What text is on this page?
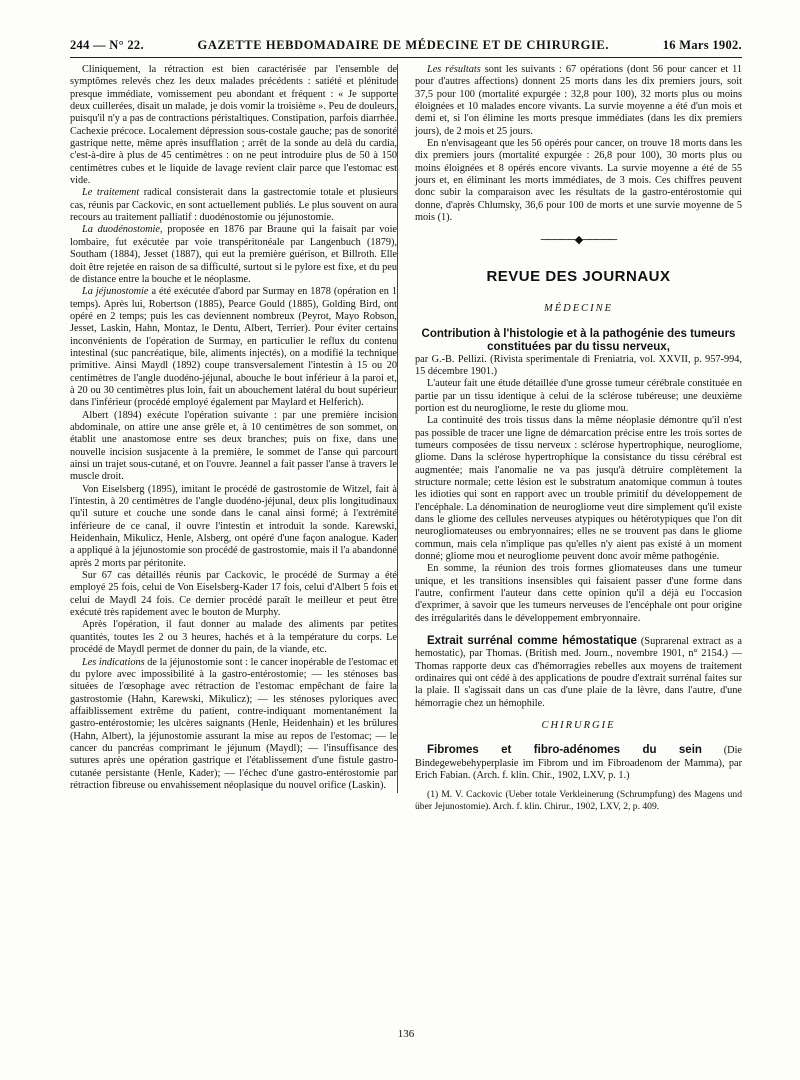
244 — N° 22.	GAZETTE HEBDOMADAIRE DE MÉDECINE ET DE CHIRURGIE.	16 Mars 1902.

Cliniquement, la rétraction est bien caractérisée par l'ensemble de symptômes relevés chez les deux malades précédents : satiété et plénitude presque immédiate, vomissement peu abondant et fréquent : « Je supporte deux cuillerées, disait un malade, je dois vomir la troisième ». Peu de douleurs, puisqu'il n'y a pas de contractions péristaltiques. Constipation, parfois diarrhée. Cachexie précoce. Localement dépression sous-costale gauche; pas de sonorité gastrique nette, même après insufflation ; arrêt de la sonde au delà du cardia, c'est-à-dire à plus de 45 centimètres : on ne peut introduire plus de 50 à 150 centimètres cubes et le liquide de lavage revient clair parce que l'estomac est vide.

Le traitement radical consisterait dans la gastrectomie totale et plusieurs cas, réunis par Cackovic, en sont actuellement publiés. Le plus souvent on aura recours au traitement palliatif : duodénostomie ou jéjunostomie.

La duodénostomie, proposée en 1876 par Braune qui la faisait par voie lombaire, fut exécutée par voie transpéritonéale par Langenbuch (1879), Southam (1884), Jesset (1887), qui eut la première guérison, et Billroth. Elle doit être rejetée en raison de sa difficulté, surtout si le pylore est fixe, et du peu de distance entre la bouche et le néoplasme.

La jéjunostomie a été exécutée d'abord par Surmay en 1878 (opération en 1 temps). Après lui, Robertson (1885), Pearce Gould (1885), Golding Bird, ont opéré en 2 temps; puis les cas deviennent nombreux (Peyrot, Mayo Robson, Jesset, Laskin, Hahn, Montaz, le Dentu, Albert, Terrier). Pour éviter certains inconvénients de l'opération de Surmay, en particulier le reflux du contenu intestinal (suc pancréatique, bile, aliments injectés), on a modifié la technique primitive. Ainsi Maydl (1892) coupe transversalement l'intestin à 15 ou 20 centimètres de l'angle duodéno-jéjunal, abouche le bout inférieur à la paroi et, à 20 ou 30 centimètres plus loin, fait un abouchement latéral du bout supérieur dans l'inférieur (procédé employé également par Maylard et Helferich).

Albert (1894) exécute l'opération suivante : par une première incision abdominale, on attire une anse grêle et, à 10 centimètres de son sommet, on établit une anastomose entre ses deux branches; puis on fixe, dans une nouvelle incision susjacente à la première, le sommet de l'anse qui parcourt ainsi un trajet sous-cutané, et on l'ouvre. Jeannel a fait passer l'anse à travers le muscle droit.

Von Eiselsberg (1895), imitant le procédé de gastrostomie de Witzel, fait à l'intestin, à 20 centimètres de l'angle duodéno-jéjunal, deux plis longitudinaux qu'il suture et couche une sonde dans le canal ainsi formé; à l'extrémité inférieure de ce canal, il ouvre l'intestin et introduit la sonde. Karewski, Heidenhain, Mikulicz, Henle, Alsberg, ont opéré d'une façon analogue. Kader a appliqué à la jéjunostomie son procédé de gastrostomie, mais il l'a abandonné après 2 morts par péritonite.

Sur 67 cas détaillés réunis par Cackovic, le procédé de Surmay a été employé 25 fois, celui de Von Eiselsberg-Kader 17 fois, celui d'Albert 5 fois et celui de Maydl 24 fois. Ce dernier procédé paraît le meilleur et peut être exécuté très rapidement avec le bouton de Murphy.

Après l'opération, il faut donner au malade des aliments par petites quantités, toutes les 2 ou 3 heures, hachés et à la température du corps. Le procédé de Maydl permet de donner du pain, de la viande, etc.

Les indications de la jéjunostomie sont : le cancer inopérable de l'estomac et du pylore avec impossibilité à la gastro-entérostomie; — les sténoses bas situées de l'œsophage avec rétraction de l'estomac empêchant de faire la gastrostomie (Hahn, Karewski, Mikulicz); — les sténoses pyloriques avec affaiblissement extrême du patient, contre-indiquant momentanément la gastro-entérostomie; les ulcères saignants (Henle, Heidenhain) et les brûlures (Hahn, Albert), la jéjunostomie assurant la mise au repos de l'estomac; — le cancer du pancréas comprimant le jéjunum (Maydl); — l'insuffisance des sutures après une opération gastrique et l'établissement d'une fistule gastro-cutanée persistante (Henle, Kader); — l'échec d'une gastro-entérostomie par rétraction fibreuse ou envahissement néoplasique du nouvel orifice (Laskin).

Les résultats sont les suivants : 67 opérations (dont 56 pour cancer et 11 pour d'autres affections) donnent 25 morts dans les dix premiers jours, soit 37,5 pour 100 (mortalité expurgée : 32,8 pour 100), 32 morts plus ou moins éloignées et 10 malades encore vivants. La survie moyenne a été d'un mois et demi et, si l'on élimine les morts presque immédiates (dans les dix premiers jours), de 2 mois et 25 jours.

En n'envisageant que les 56 opérés pour cancer, on trouve 18 morts dans les dix premiers jours (mortalité expurgée : 26,8 pour 100), 30 morts plus ou moins éloignées et 8 opérés encore vivants. La survie moyenne a été de 55 jours et, en éliminant les morts immédiates, de 3 mois. Ces chiffres peuvent donc subir la comparaison avec les résultats de la gastro-entérostomie qui donne, d'après Chlumsky, 36,6 pour 100 de morts et une survie moyenne de 5 mois (1).

─────◆─────
REVUE DES JOURNAUX
MÉDECINE
Contribution à l'histologie et à la pathogénie des tumeurs constituées par du tissu nerveux,

par G.-B. Pellizi. (Rivista sperimentale di Freniatria, vol. XXVII, p. 957-994, 15 décembre 1901.)

L'auteur fait une étude détaillée d'une grosse tumeur cérébrale constituée en partie par un tissu identique à celui de la sclérose tubéreuse; une deuxième portion est du neurogliome, le reste du gliome mou.

La continuité des trois tissus dans la même néoplasie démontre qu'il n'est pas possible de tracer une ligne de démarcation précise entre les trois sortes de tumeurs composées de tissu nerveux : sclérose hypertrophique, neurogliome, gliome. Dans la sclérose hypertrophique la consistance du tissu cérébral est augmentée; mais l'anomalie ne va pas jusqu'à détruire complètement la structure normale; cette lésion est le substratum anatomique commun à toutes les idioties qui sont en rapport avec un trouble primitif du développement de l'encéphale. La dénomination de neurogliome veut dire simplement qu'il existe dans le gliome des cellules nerveuses atypiques ou hétérotypiques que l'on dit neurogliomateuses ou embryonnaires; elles ne se trouvent pas dans le gliome commun, mais cela n'implique pas qu'elles n'y aient pas existé à un moment donné; gliome mou et neurogliome peuvent donc avoir même pathogénie.

En somme, la réunion des trois formes gliomateuses dans une tumeur unique, et les transitions insensibles qui faisaient passer d'une forme dans l'autre, confirment l'auteur dans cette opinion qu'il a déjà eu l'occasion d'exprimer, à savoir que les tumeurs nerveuses de l'encéphale ont pour origine des irrégularités dans le développement embryonnaire.

Extrait surrénal comme hémostatique (Suprarenal extract as a hemostatic), par Thomas. (British med. Journ., novembre 1901, n° 2154.) — Thomas rapporte deux cas d'hémorragies rebelles aux moyens de traitement ordinaires qui ont cédé à des applications de poudre d'extrait surrénal faites sur la plaie. Il s'agissait dans un cas d'une plaie de la lèvre, dans l'autre, d'une hémorragie chez un hémophile.

CHIRURGIE

Fibromes et fibro-adénomes du sein (Die Bindegewebehyperplasie im Fibrom und im Fibroadenom der Mamma), par Erich Fabian. (Arch. f. klin. Chir., 1902, LXV, p. 1.)

(1) M. V. Cackovic (Ueber totale Verkleinerung (Schrumpfung) des Magens und über Jejunostomie). Arch. f. klin. Chirur., 1902, LXV, 2, p. 409.

136
